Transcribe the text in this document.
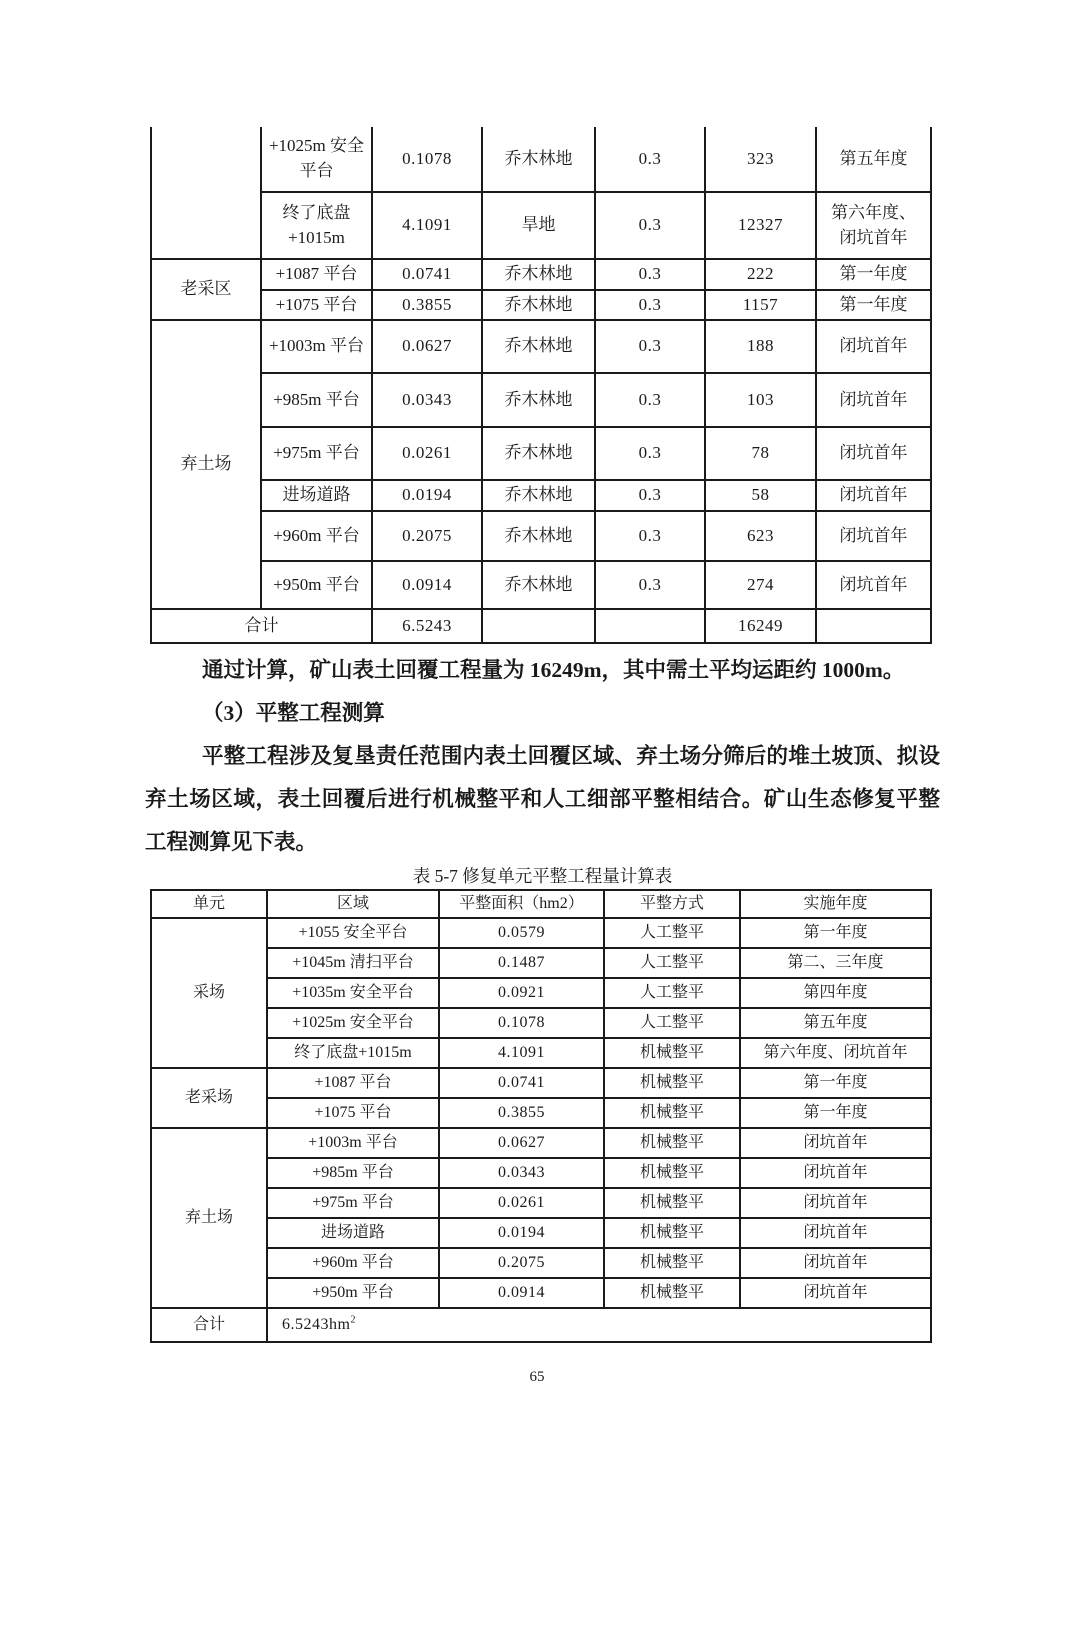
	+1025m 安全平台	0.1078	乔木林地	0.3	323	第五年度
	终了底盘+1015m	4.1091	旱地	0.3	12327	第六年度、闭坑首年
老采区	+1087 平台	0.0741	乔木林地	0.3	222	第一年度
	+1075 平台	0.3855	乔木林地	0.3	1157	第一年度
弃土场	+1003m 平台	0.0627	乔木林地	0.3	188	闭坑首年
	+985m 平台	0.0343	乔木林地	0.3	103	闭坑首年
	+975m 平台	0.0261	乔木林地	0.3	78	闭坑首年
	进场道路	0.0194	乔木林地	0.3	58	闭坑首年
	+960m 平台	0.2075	乔木林地	0.3	623	闭坑首年
	+950m 平台	0.0914	乔木林地	0.3	274	闭坑首年
合计		6.5243			16249	

通过计算，矿山表土回覆工程量为 16249m，其中需土平均运距约 1000m。

（3）平整工程测算

平整工程涉及复垦责任范围内表土回覆区域、弃土场分筛后的堆土坡顶、拟设弃土场区域，表土回覆后进行机械整平和人工细部平整相结合。矿山生态修复平整工程测算见下表。

表 5-7 修复单元平整工程量计算表
单元	区域	平整面积（hm2）	平整方式	实施年度
采场	+1055 安全平台	0.0579	人工整平	第一年度
	+1045m 清扫平台	0.1487	人工整平	第二、三年度
	+1035m 安全平台	0.0921	人工整平	第四年度
	+1025m 安全平台	0.1078	人工整平	第五年度
	终了底盘+1015m	4.1091	机械整平	第六年度、闭坑首年
老采场	+1087 平台	0.0741	机械整平	第一年度
	+1075 平台	0.3855	机械整平	第一年度
弃土场	+1003m 平台	0.0627	机械整平	闭坑首年
	+985m 平台	0.0343	机械整平	闭坑首年
	+975m 平台	0.0261	机械整平	闭坑首年
	进场道路	0.0194	机械整平	闭坑首年
	+960m 平台	0.2075	机械整平	闭坑首年
	+950m 平台	0.0914	机械整平	闭坑首年
合计	$6.5243hm^2$
65
